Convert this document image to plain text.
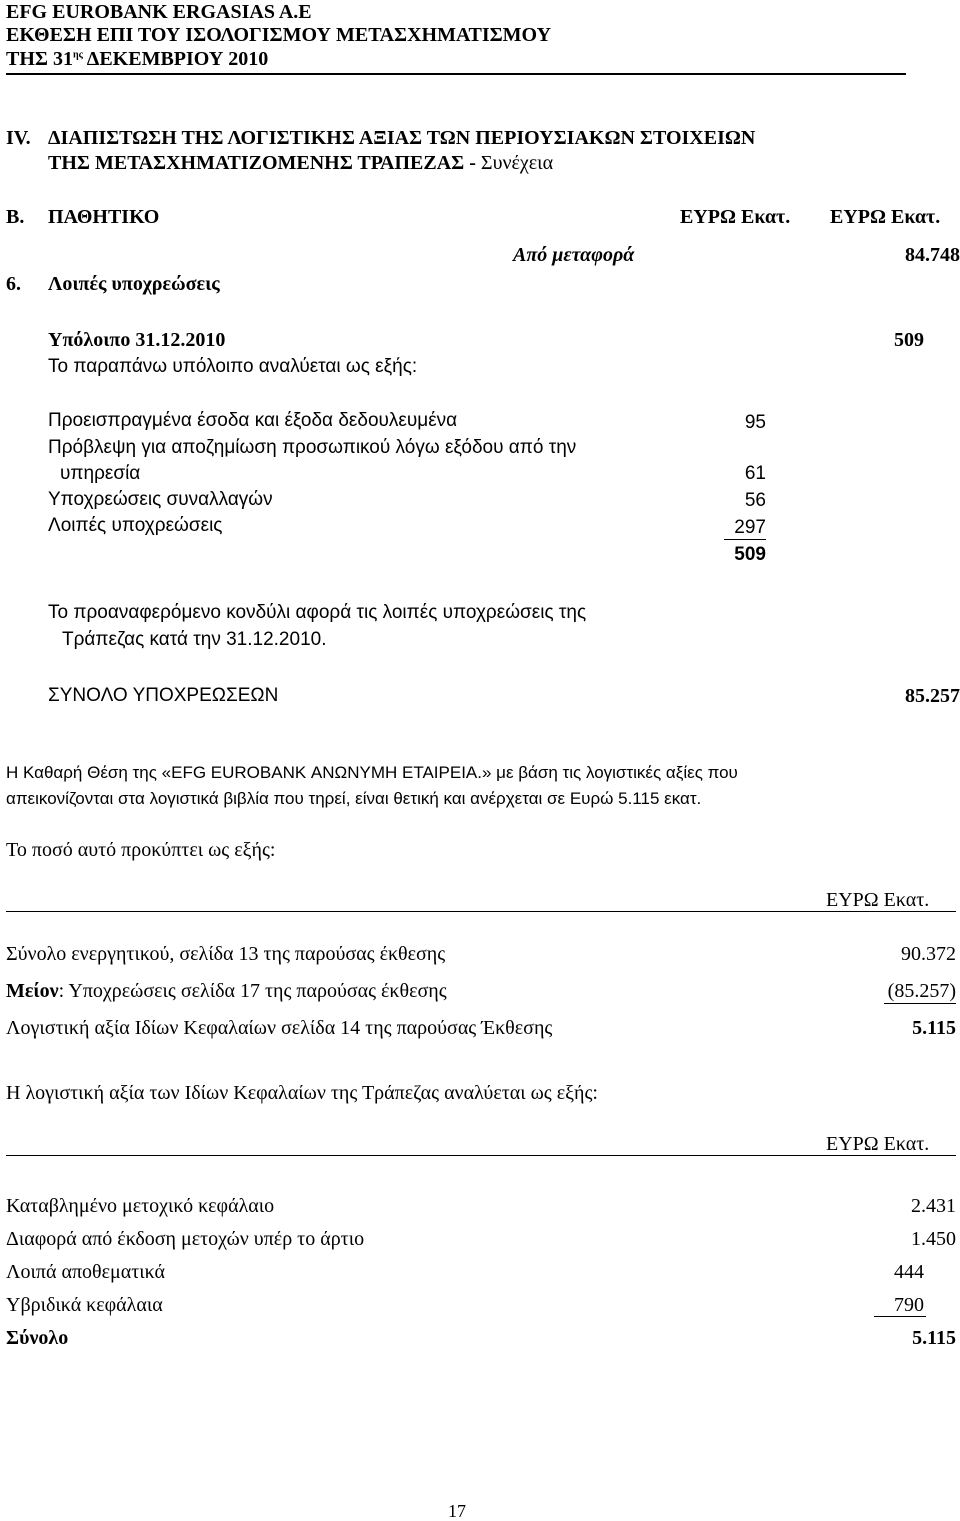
EFG EUROBANK ERGASIAS A.E
ΕΚΘΕΣΗ ΕΠΙ ΤΟΥ ΙΣΟΛΟΓΙΣΜΟΥ ΜΕΤΑΣΧΗΜΑΤΙΣΜΟΥ
ΤΗΣ $31^{\eta\varsigma}$ ΔΕΚΕΜΒΡΙΟΥ 2010
IV. ΔΙΑΠΙΣΤΩΣΗ ΤΗΣ ΛΟΓΙΣΤΙΚΗΣ ΑΞΙΑΣ ΤΩΝ ΠΕΡΙΟΥΣΙΑΚΩΝ ΣΤΟΙΧΕΙΩΝ
ΤΗΣ ΜΕΤΑΣΧΗΜΑΤΙΖΟΜΕΝΗΣ ΤΡΑΠΕΖΑΣ - Συνέχεια
B. ΠΑΘΗΤΙΚΟ	ΕΥΡΩ Εκατ. ΕΥΡΩ Εκατ.
Από μεταφορά	84.748
6. Λοιπές υποχρεώσεις
Υπόλοιπο 31.12.2010	509
Το παραπάνω υπόλοιπο αναλύεται ως εξής:
Προεισπραγμένα έσοδα και έξοδα δεδουλευμένα	95
Πρόβλεψη για αποζημίωση προσωπικού λόγω εξόδου από την
υπηρεσία	61
Υποχρεώσεις συναλλαγών	56
Λοιπές υποχρεώσεις	297
509
Το προαναφερόμενο κονδύλι αφορά τις λοιπές υποχρεώσεις της
Τράπεζας κατά την 31.12.2010.
ΣΥΝΟΛΟ ΥΠΟΧΡΕΩΣΕΩΝ	85.257
Η Καθαρή Θέση της «EFG EUROBANK ΑΝΩΝΥΜΗ ΕΤΑΙΡΕΙΑ.» με βάση τις λογιστικές αξίες που
απεικονίζονται στα λογιστικά βιβλία που τηρεί, είναι θετική και ανέρχεται σε Ευρώ 5.115 εκατ.
Το ποσό αυτό προκύπτει ως εξής:
ΕΥΡΩ Εκατ.
Σύνολο ενεργητικού, σελίδα 13 της παρούσας έκθεσης	90.372
Μείον: Υποχρεώσεις σελίδα 17 της παρούσας έκθεσης	(85.257)
Λογιστική αξία Ιδίων Κεφαλαίων σελίδα 14 της παρούσας Έκθεσης	5.115
Η λογιστική αξία των Ιδίων Κεφαλαίων της Τράπεζας αναλύεται ως εξής:
ΕΥΡΩ Εκατ.
Καταβλημένο μετοχικό κεφάλαιο	2.431
Διαφορά από έκδοση μετοχών υπέρ το άρτιο	1.450
Λοιπά αποθεματικά	444
Υβριδικά κεφάλαια	790
Σύνολο	5.115
17
